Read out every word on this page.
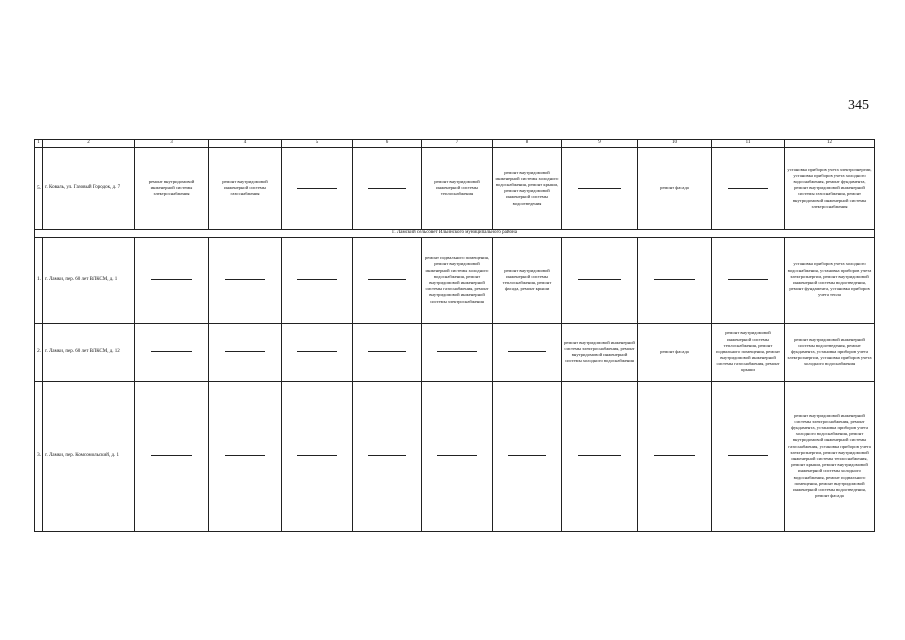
345
1	2	3	4	5	6	7	8	9	10	11	12
5.	г. Коваль, ул. Газовый Городок, д. 7	ремонт внутридомовой инженерной системы электроснабжения	ремонт внутридомовой инженерной системы газоснабжения			ремонт внутридомовой инженерной системы теплоснабжения	ремонт внутридомовой инженерной системы холодного водоснабжения, ремонт крыши, ремонт внутридомовой инженерной системы водоотведения		ремонт фасада		установка приборов учета электроэнергии, установка приборов учета холодного водоснабжения, ремонт фундамента, ремонт внутридомовой инженерной системы газоснабжения, ремонт внутридомовой инженерной системы электроснабжения
Г. Ламский сельсовет Ильинского муниципального района											
1.	г. Ламки, пер. 60 лет ВЛКСМ, д. 1					ремонт подвального помещения, ремонт внутридомовой инженерной системы холодного водоснабжения, ремонт внутридомовой инженерной системы газоснабжения, ремонт внутридомовой инженерной системы электроснабжения	ремонт внутридомовой инженерной системы теплоснабжения, ремонт фасада, ремонт крыши				установка приборов учета холодного водоснабжения, установка приборов учета электроэнергии, ремонт внутридомовой инженерной системы водоотведения, ремонт фундамента, установка приборов учета тепла
2.	г. Ламки, пер. 60 лет ВЛКСМ, д. 12							ремонт внутридомовой инженерной системы электроснабжения, ремонт внутридомовой инженерной системы холодного водоснабжения	ремонт фасада	ремонт внутридомовой инженерной системы теплоснабжения, ремонт подвального помещения, ремонт внутридомовой инженерной системы газоснабжения, ремонт крыши	ремонт внутридомовой инженерной системы водоотведения, ремонт фундамента, установка приборов учета электроэнергии, установка приборов учета холодного водоснабжения
3.	г. Ламки, пер. Комсомольский, д. 1										ремонт внутридомовой инженерной системы электроснабжения, ремонт фундамента, установка приборов учета холодного водоснабжения, ремонт внутридомовой инженерной системы газоснабжения, установка приборов учета электроэнергии, ремонт внутридомовой инженерной системы теплоснабжения, ремонт крыши, ремонт внутридомовой инженерной системы холодного водоснабжения, ремонт подвального помещения, ремонт внутридомовой инженерной системы водоотведения, ремонт фасада
